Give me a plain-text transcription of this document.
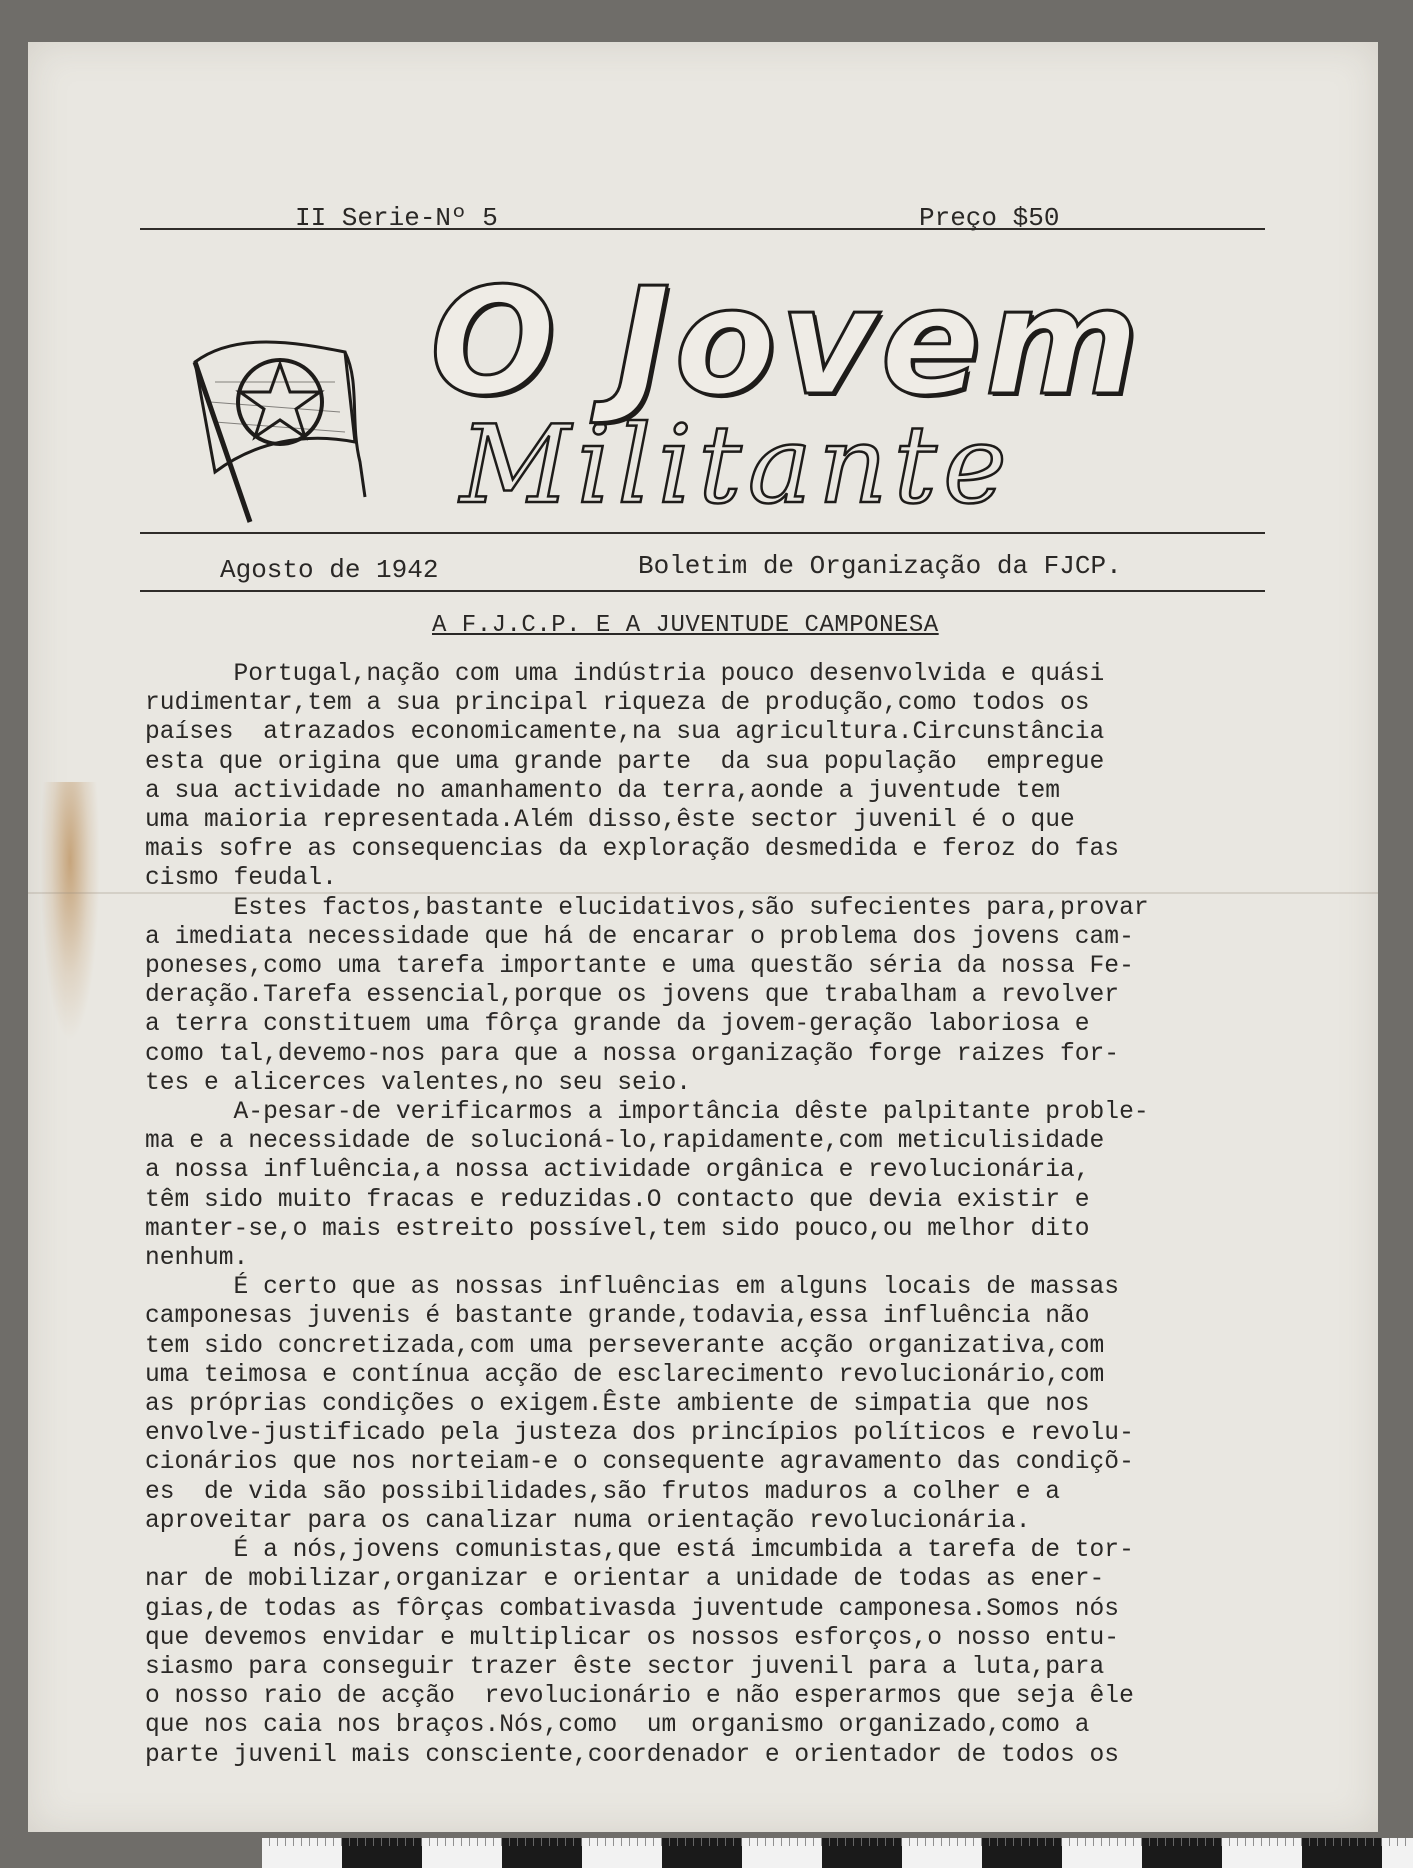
II Serie-Nº 5	Preço $50
O Jovem
Militante
Agosto de 1942	Boletim de Organização da FJCP.
A F.J.C.P. E A JUVENTUDE CAMPONESA
Portugal,nação com uma indústria pouco desenvolvida e quási
rudimentar,tem a sua principal riqueza de produção,como todos os
países  atrazados economicamente,na sua agricultura.Circunstância
esta que origina que uma grande parte  da sua população  empregue
a sua actividade no amanhamento da terra,aonde a juventude tem
uma maioria representada.Além disso,êste sector juvenil é o que
mais sofre as consequencias da exploração desmedida e feroz do fas
cismo feudal.
Estes factos,bastante elucidativos,são sufecientes para,provar
a imediata necessidade que há de encarar o problema dos jovens cam-
poneses,como uma tarefa importante e uma questão séria da nossa Fe-
deração.Tarefa essencial,porque os jovens que trabalham a revolver
a terra constituem uma fôrça grande da jovem-geração laboriosa e
como tal,devemo-nos para que a nossa organização forge raizes for-
tes e alicerces valentes,no seu seio.
A-pesar-de verificarmos a importância dêste palpitante proble-
ma e a necessidade de solucioná-lo,rapidamente,com meticulisidade
a nossa influência,a nossa actividade orgânica e revolucionária,
têm sido muito fracas e reduzidas.O contacto que devia existir e
manter-se,o mais estreito possível,tem sido pouco,ou melhor dito
nenhum.
É certo que as nossas influências em alguns locais de massas
camponesas juvenis é bastante grande,todavia,essa influência não
tem sido concretizada,com uma perseverante acção organizativa,com
uma teimosa e contínua acção de esclarecimento revolucionário,com
as próprias condições o exigem.Êste ambiente de simpatia que nos
envolve-justificado pela justeza dos princípios políticos e revolu-
cionários que nos norteiam-e o consequente agravamento das condiçõ-
es  de vida são possibilidades,são frutos maduros a colher e a
aproveitar para os canalizar numa orientação revolucionária.
É a nós,jovens comunistas,que está imcumbida a tarefa de tor-
nar de mobilizar,organizar e orientar a unidade de todas as ener-
gias,de todas as fôrças combativasda juventude camponesa.Somos nós
que devemos envidar e multiplicar os nossos esforços,o nosso entu-
siasmo para conseguir trazer êste sector juvenil para a luta,para
o nosso raio de acção  revolucionário e não esperarmos que seja êle
que nos caia nos braços.Nós,como  um organismo organizado,como a
parte juvenil mais consciente,coordenador e orientador de todos os
